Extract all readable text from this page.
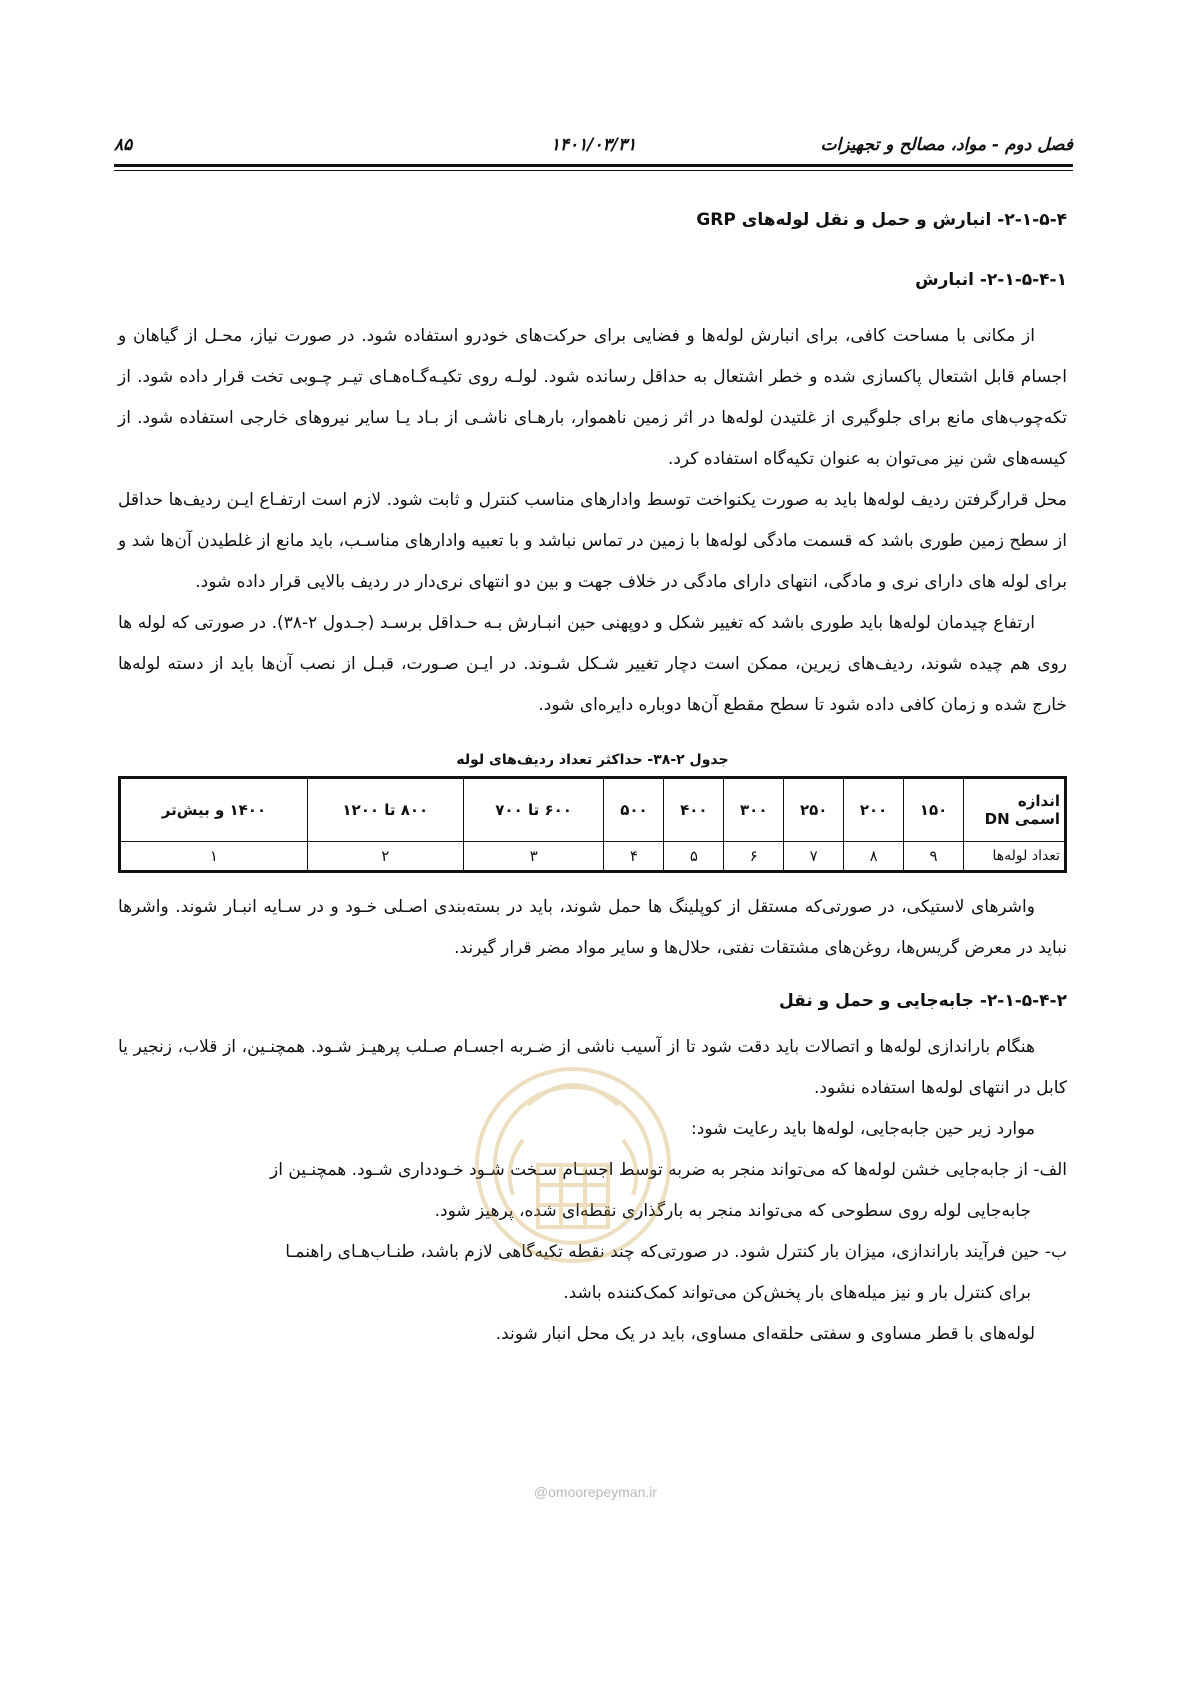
فصل دوم - مواد، مصالح و تجهیزات
۱۴۰۱/۰۳/۳۱
۸۵
۲-۱-۵-۴- انبارش و حمل و نقل لوله‌های GRP
۲-۱-۵-۴-۱- انبارش

از مکانی با مساحت کافی، برای انبارش لوله‌ها و فضایی برای حرکت‌های خودرو استفاده شود. در صورت نیاز، محـل از گیاهان و اجسام قابل اشتعال پاکسازی شده و خطر اشتعال به حداقل رسانده شود. لولـه روی تکیـه‌گـاه‌هـای تیـر چـوبی تخت قرار داده شود. از تکه‌چوب‌های مانع برای جلوگیری از غلتیدن لوله‌ها در اثر زمین ناهموار، بارهـای ناشـی از بـاد یـا سایر نیروهای خارجی استفاده شود. از کیسه‌های شن نیز می‌توان به عنوان تکیه‌گاه استفاده کرد.

محل قرارگرفتن ردیف لوله‌ها باید به صورت یکنواخت توسط وادارهای مناسب کنترل و ثابت شود. لازم است ارتفـاع ایـن ردیف‌ها حداقل از سطح زمین طوری باشد که قسمت مادگی لوله‌ها با زمین در تماس نباشد و با تعبیه وادارهای مناسـب، باید مانع از غلطیدن آن‌ها شد و برای لوله های دارای نری و مادگی، انتهای دارای مادگی در خلاف جهت و بین دو انتهای نری‌دار در ردیف بالایی قرار داده شود.

ارتفاع چیدمان لوله‌ها باید طوری باشد که تغییر شکل و دوپهنی حین انبـارش بـه حـداقل برسـد (جـدول ۲-۳۸). در صورتی که لوله ها روی هم چیده شوند، ردیف‌های زیرین، ممکن است دچار تغییر شـکل شـوند. در ایـن صـورت، قبـل از نصب آن‌ها باید از دسته لوله‌ها خارج شده و زمان کافی داده شود تا سطح مقطع آن‌ها دوباره دایره‌ای شود.

جدول ۲-۳۸- حداکثر تعداد ردیف‌های لوله
اندازه اسمی DN	۱۵۰	۲۰۰	۲۵۰	۳۰۰	۴۰۰	۵۰۰	۶۰۰ تا ۷۰۰	۸۰۰ تا ۱۲۰۰	۱۴۰۰ و بیش‌تر
تعداد لوله‌ها	۹	۸	۷	۶	۵	۴	۳	۲	۱

واشرهای لاستیکی، در صورتی‌که مستقل از کوپلینگ ها حمل شوند، باید در بسته‌بندی اصـلی خـود و در سـایه انبـار شوند. واشرها نباید در معرض گریس‌ها، روغن‌های مشتقات نفتی، حلال‌ها و سایر مواد مضر قرار گیرند.

۲-۱-۵-۴-۲- جابه‌جایی و حمل و نقل

هنگام باراندازی لوله‌ها و اتصالات باید دقت شود تا از آسیب ناشی از ضـربه اجسـام صـلب پرهیـز شـود. همچنـین، از قلاب، زنجیر یا کابل در انتهای لوله‌ها استفاده نشود.

موارد زیر حین جابه‌جایی، لوله‌ها باید رعایت شود:

الف- از جابه‌جایی خشن لوله‌ها که می‌تواند منجر به ضربه توسط اجسـام سـخت شـود خـودداری شـود. همچنـین از
جابه‌جایی لوله روی سطوحی که می‌تواند منجر به بارگذاری نقطه‌ای شده، پرهیز شود.
ب- حین فرآیند باراندازی، میزان بار کنترل شود. در صورتی‌که چند نقطه تکیه‌گاهی لازم باشد، طنـاب‌هـای راهنمـا
برای کنترل بار و نیز میله‌های بار پخش‌کن می‌تواند کمک‌کننده باشد.

لوله‌های با قطر مساوی و سفتی حلقه‌ای مساوی، باید در یک محل انبار شوند.

@omoorepeyman.ir
